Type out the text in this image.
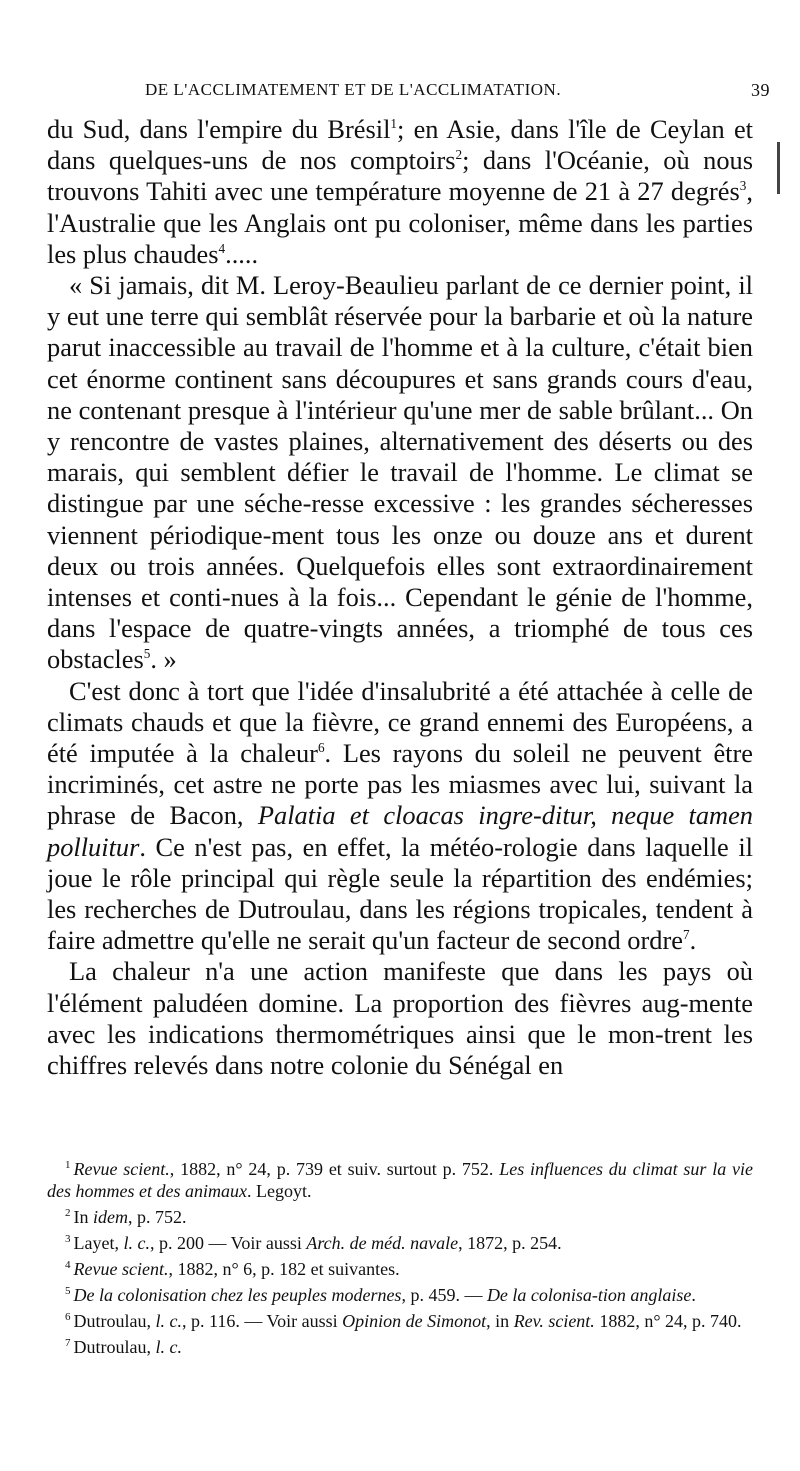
DE L'ACCLIMATEMENT ET DE L'ACCLIMATATION.	39

du Sud, dans l'empire du Brésil$^1$; en Asie, dans l'île de Ceylan et dans quelques-uns de nos comptoirs$^2$; dans l'Océanie, où nous trouvons Tahiti avec une température moyenne de 21 à 27 degrés$^3$, l'Australie que les Anglais ont pu coloniser, même dans les parties les plus chaudes$^4$.....

« Si jamais, dit M. Leroy-Beaulieu parlant de ce dernier point, il y eut une terre qui semblât réservée pour la barbarie et où la nature parut inaccessible au travail de l'homme et à la culture, c'était bien cet énorme continent sans découpures et sans grands cours d'eau, ne contenant presque à l'intérieur qu'une mer de sable brûlant... On y rencontre de vastes plaines, alternativement des déserts ou des marais, qui semblent défier le travail de l'homme. Le climat se distingue par une séche-resse excessive : les grandes sécheresses viennent périodique-ment tous les onze ou douze ans et durent deux ou trois années. Quelquefois elles sont extraordinairement intenses et conti-nues à la fois... Cependant le génie de l'homme, dans l'espace de quatre-vingts années, a triomphé de tous ces obstacles$^5$. »

C'est donc à tort que l'idée d'insalubrité a été attachée à celle de climats chauds et que la fièvre, ce grand ennemi des Européens, a été imputée à la chaleur$^6$. Les rayons du soleil ne peuvent être incriminés, cet astre ne porte pas les miasmes avec lui, suivant la phrase de Bacon, Palatia et cloacas ingre-ditur, neque tamen polluitur. Ce n'est pas, en effet, la météo-rologie dans laquelle il joue le rôle principal qui règle seule la répartition des endémies; les recherches de Dutroulau, dans les régions tropicales, tendent à faire admettre qu'elle ne serait qu'un facteur de second ordre$^7$.

La chaleur n'a une action manifeste que dans les pays où l'élément paludéen domine. La proportion des fièvres aug-mente avec les indications thermométriques ainsi que le mon-trent les chiffres relevés dans notre colonie du Sénégal en

$^1$ Revue scient., 1882, n° 24, p. 739 et suiv. surtout p. 752. Les influences du climat sur la vie des hommes et des animaux. Legoyt.

$^2$ In idem, p. 752.

$^3$ Layet, l. c., p. 200 — Voir aussi Arch. de méd. navale, 1872, p. 254.

$^4$ Revue scient., 1882, n° 6, p. 182 et suivantes.

$^5$ De la colonisation chez les peuples modernes, p. 459. — De la colonisa-tion anglaise.

$^6$ Dutroulau, l. c., p. 116. — Voir aussi Opinion de Simonot, in Rev. scient. 1882, n° 24, p. 740.

$^7$ Dutroulau, l. c.
